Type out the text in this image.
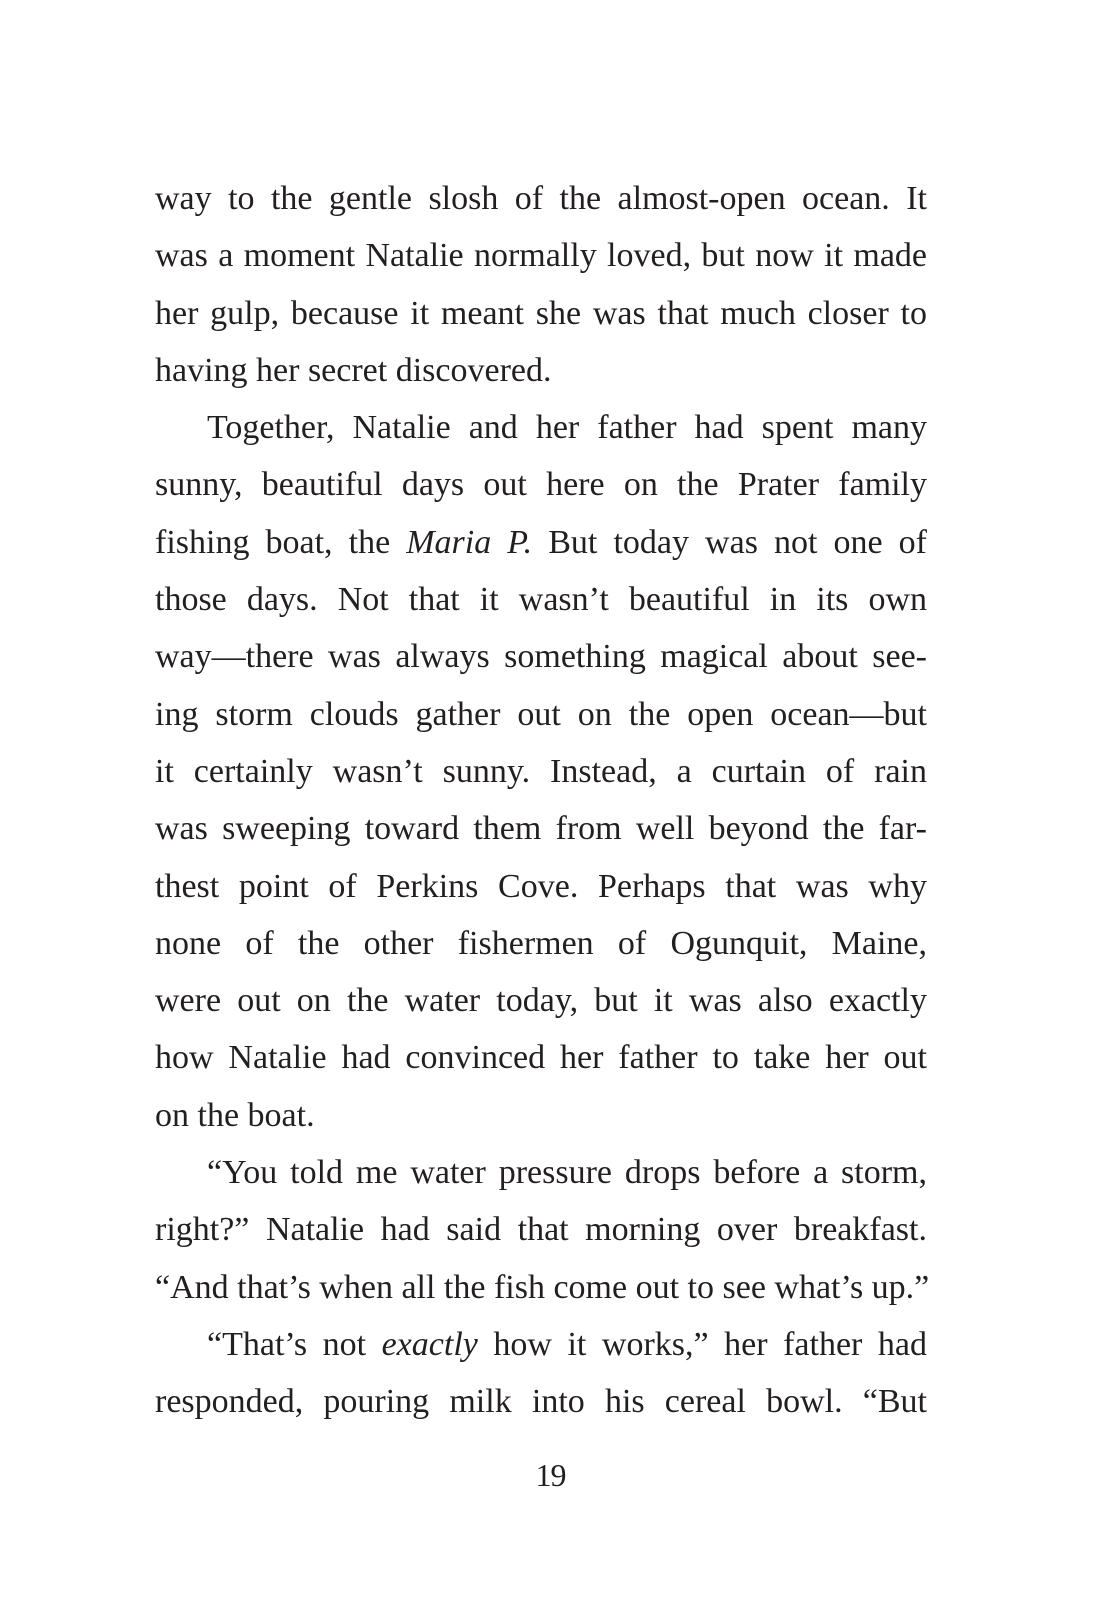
way to the gentle slosh of the almost-open ocean. It
was a moment Natalie normally loved, but now it made
her gulp, because it meant she was that much closer to
having her secret discovered.
Together, Natalie and her father had spent many
sunny, beautiful days out here on the Prater family
fishing boat, the Maria P. But today was not one of
those days. Not that it wasn’t beautiful in its own
way—there was always something magical about see-
ing storm clouds gather out on the open ocean—but
it certainly wasn’t sunny. Instead, a curtain of rain
was sweeping toward them from well beyond the far-
thest point of Perkins Cove. Perhaps that was why
none of the other fishermen of Ogunquit, Maine,
were out on the water today, but it was also exactly
how Natalie had convinced her father to take her out
on the boat.
“You told me water pressure drops before a storm,
right?” Natalie had said that morning over breakfast.
“And that’s when all the fish come out to see what’s up.”
“That’s not exactly how it works,” her father had
responded, pouring milk into his cereal bowl. “But
19
